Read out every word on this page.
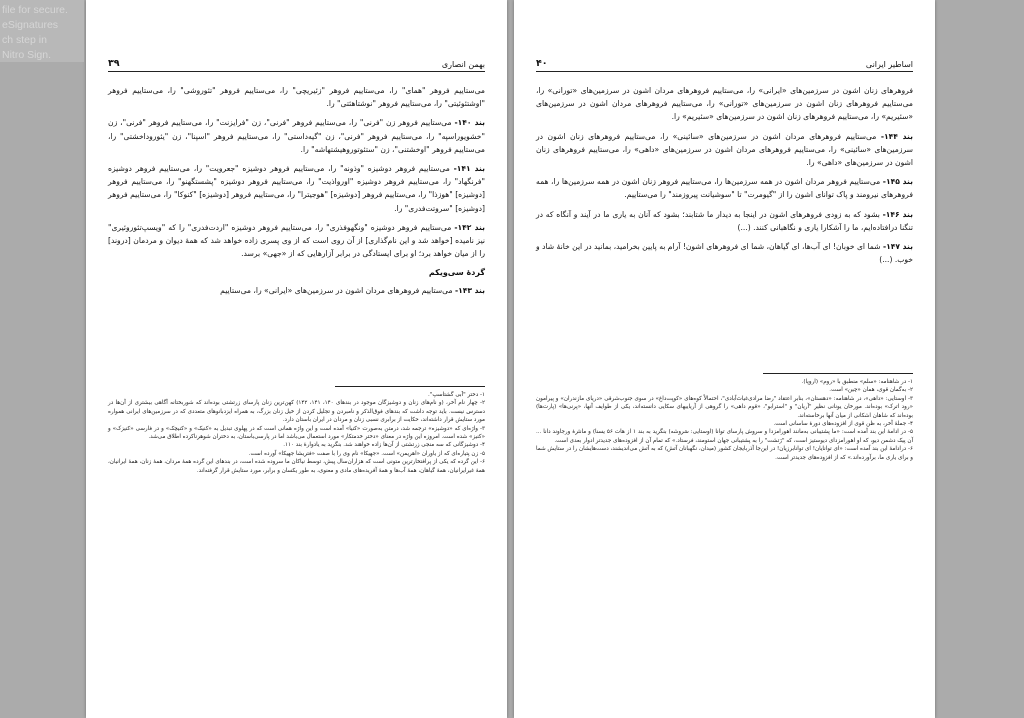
بهمن انصاری
۳۹

می‌ستاییم فروهر "همای" را، می‌ستاییم فروهر "زئیریچی" را، می‌ستاییم فروهر "تئوروشی" را، می‌ستاییم فروهر "اوشتئوئیتی" را، می‌ستاییم فروهر "نوشتاهئتی" را.

بند ۱۴۰- می‌ستاییم فروهر زن "فرنی" را، می‌ستاییم فروهر "فرنی"، زن "فرایزنت" را، می‌ستاییم فروهر "فرنی"، زن "خشویوراسپه" را، می‌ستاییم فروهر "فرنی"، زن "گیه‌داستی" را، می‌ستاییم فروهر "اسپنا"، زن "یئوروداخشتی" را، می‌ستاییم فروهر "اوخشتنی"، زن "ستئوتوروهیشتهاشه" را.

بند ۱۴۱- می‌ستاییم فروهر دوشیزه "وذونه" را، می‌ستاییم فروهر دوشیزه "جعرویت" را، می‌ستاییم فروهر دوشیزه "فرنگهاد" را، می‌ستاییم فروهر دوشیزه "اورواذیت" را، می‌ستاییم فروهر دوشیزه "پشستگهنو" را، می‌ستاییم فروهر [دوشیزه] "هوزذا" را، می‌ستاییم فروهر [دوشیزه] "هوجیترا" را، می‌ستاییم فروهر [دوشیزه] "کنوکا" را، می‌ستاییم فروهر [دوشیزه] "سروتت‌فدری" را.

بند ۱۴۲- می‌ستاییم فروهر دوشیزه "ونگهوفذری" را، می‌ستاییم فروهر دوشیزه "اردت‌فدری" را که "ویسپ‌تئوروئیری" نیز نامیده [خواهد شد و این نام‌گذاری] از آن روی است که از وی پسری زاده خواهد شد که همهٔ دیوان و مردمان [دروند] را از میان خواهد برد؛ او برای ایستادگی در برابر آزارهایی که از «جهی» برسد.

گردهٔ سی‌ویکم

بند ۱۴۳- می‌ستاییم فروهرهای مردان اشون در سرزمین‌های «ایرانی» را، می‌ستاییم

۱- دختر "اَبی گشتاسپ".
۲- چهار نام آخر، (و نام‌های زنان و دوشیزگان موجود در بندهای ۱۴۰، ۱۴۱، ۱۴۲) کهن‌ترین زنان پارسای زرتشتی بوده‌اند که شوربختانه آگاهی بیشتری از آن‌ها در دسترس نیست. باید توجه داشت که بندهای فوق‌الذکر و نامبردن و تجلیل کردن از خیل زنان بزرگ، به همراه ایزدبانوهای متعددی که در سرزمین‌های ایرانی همواره مورد ستایش قرار داشته‌اند، حکایت از برابری نسبی زنان و مردان در ایران باستان دارد.
۳- واژه‌ای که «دوشیزه» ترجمه شد، درمتن به‌صورت «کنیا» آمده است و این واژه همانی است که در پهلوی تبدیل به «کنیک» و «کنیچک» و در فارسی «کنیزک» و «کنیز» شده است. امروزه این واژه در معنای «دختر خدمتکار» مورد استعمال می‌باشد اما در پارسی‌باستان، به دختران شوهرناکرده اطلاق می‌شد.
۴- دوشیزگانی که سه منجی زرتشتی از آن‌ها زاده خواهند شد. بنگرید به یادوارهٔ بند ۱۱۰.
۵- زن پتیاره‌ای که از یاوران «اهریمن» است. «جهیکا» نام وی را با صفت «فتریشا جهیکا» آورده است.
۶- این گرده که یکی از پرافتخارترین متونی است که هزاران‌سال پیش، توسط نیاکان ما سروده شده است، در بندهای این گرده همهٔ مردان، همهٔ زنان، همهٔ ایرانیان، همهٔ غیرایرانیان، همهٔ گیاهان، همهٔ آب‌ها و همهٔ آفریده‌های مادی و معنوی، به طور یکسان و برابر، مورد ستایش قرار گرفته‌اند.
اساطیر ایرانی
۴۰

فروهرهای زنان اشون در سرزمین‌های «ایرانی» را، می‌ستاییم فروهرهای مردان اشون در سرزمین‌های «تورانی» را، می‌ستاییم فروهرهای زنان اشون در سرزمین‌های «تورانی» را، می‌ستاییم فروهرهای مردان اشون در سرزمین‌های «سئیریم» را، می‌ستاییم فروهرهای زنان اشون در سرزمین‌های «سئیریم» را.

بند ۱۴۴- می‌ستاییم فروهرهای مردان اشون در سرزمین‌های «سائینی» را، می‌ستاییم فروهرهای زنان اشون در سرزمین‌های «سائینی» را، می‌ستاییم فروهرهای مردان اشون در سرزمین‌های «داهی» را، می‌ستاییم فروهرهای زنان اشون در سرزمین‌های «داهی» را.

بند ۱۴۵- می‌ستاییم فروهر مردان اشون در همه سرزمین‌ها را، می‌ستاییم فروهر زنان اشون در همه سرزمین‌ها را، همه فروهرهای نیرومند و پاک توانای اشون را از "گیومرت" تا "سوشیانت پیروزمند" را می‌ستاییم.

بند ۱۴۶- بشود که به زودی فروهرهای اشون در اینجا به دیدار ما شتابند؛ بشود که آنان به یاری ما در آیند و آنگاه که در تنگنا درافتاده‌ایم، ما را آشکارا یاری و نگاهبانی کنند. (...)

بند ۱۴۷- شما ای خوبان! ای آب‌ها، ای گیاهان، شما ای فروهرهای اشون! آرام به پایین بخرامید، بمانید در این خانهٔ شاد و خوب. (...)

۱- در شاهنامه: «سلم» منطبق با «روم» (اروپا).
۲- به‌گمان قوی، همان «چین» است.
۳- اوستایی: «داهی»، در شاهنامه: «دهستان»، بنابر اعتقاد "رضا مرادی‌غیاث‌آبادی"، احتمالاً کوه‌های «کوپت‌داغ» در سوی جنوب‌شرقی «دریای مازندران» و پیرامون «رود اترک» بوده‌اند. مورخان یونانی نظیر "آریان" و "استرابو"، «قوم داهی» را گروهی از آریاییهای سکایی دانسته‌اند، یکی از طوایف آنها، «پرنی‌ها» (پارت‌ها) بوده‌اند که شاهان اشکانی از میان آنها برخاسته‌اند.
۴- جملهٔ آخر، به ظن قوی از افزوده‌های دورهٔ ساسانی است.
۵- در ادامهٔ این بند آمده است: «ما پشتیبانی به‌مانند اهورامزدا و سروش پارسای توانا (اوستایی: سَروشه) بنگرید به بند ۱ از هات ۵۶ یسنا) و مانثرهٔ ورجاوند دانا ... آن پیک دشمن دیو، که او اهورامزدای دیوستیز است، که "رَتشت" را به پشتیبانی جهان استومند، فرستاد.» که تمام آن از افزوده‌های جدیدتر ادوار بعدی است.
۶- درادامهٔ این بند آمده است: «ای توانایان! ای توانابرزیان! در این‌جا آذربایجان کشور (میدان، نگهبانان آتش) که به آتش می‌اندیشند، دست‌هایشان را در ستایش شما و برای یاری ما، برآورده‌اند.» که از افزوده‌های جدیدتر است.
file for secure.
eSignatures
ch step in
Nitro Sign.
